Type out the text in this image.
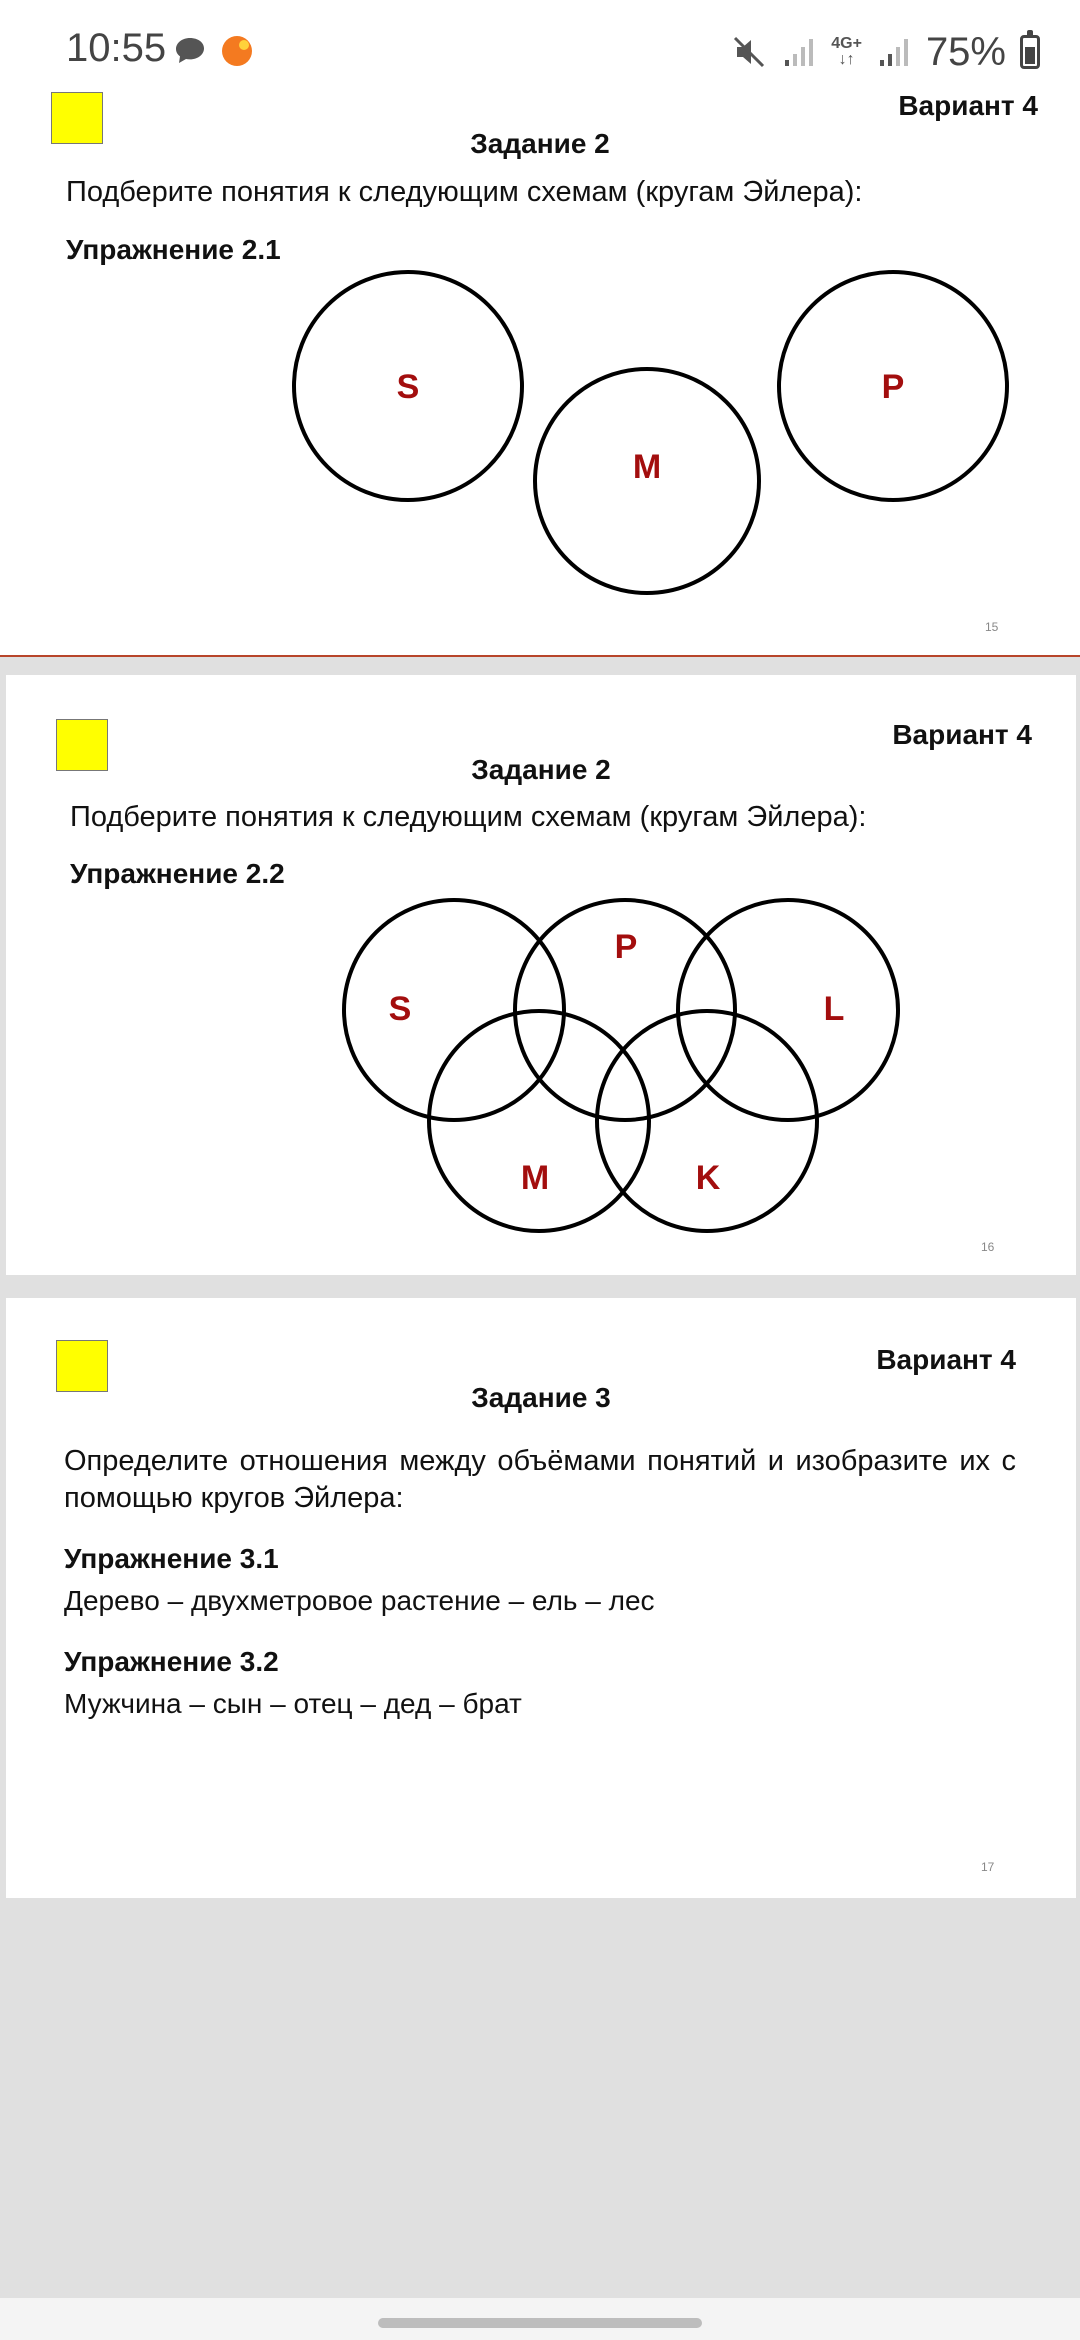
10:55	4G+
↓↑ 75%
Вариант 4
Задание 2
Подберите понятия к следующим схемам (кругам Эйлера):
Упражнение 2.1
S
M
P
15
Вариант 4
Задание 2
Подберите понятия к следующим схемам (кругам Эйлера):
Упражнение 2.2
S
P
L
M	K
16
Вариант 4
Задание 3
Определите отношения между объёмами понятий и изобразите их с помощью кругов Эйлера:
Упражнение 3.1
Дерево – двухметровое растение – ель – лес
Упражнение 3.2
Мужчина – сын – отец – дед – брат
17
